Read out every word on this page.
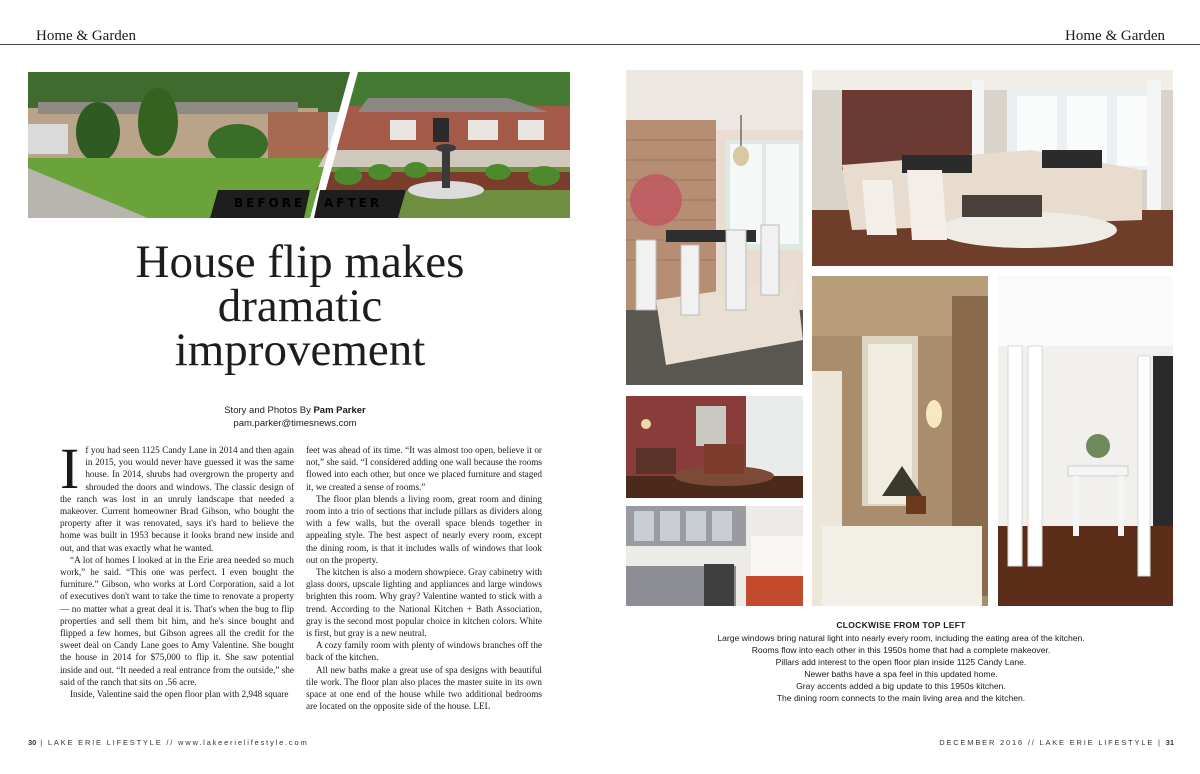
Home & Garden	Home & Garden
BEFORE AFTER
House flip makes dramatic improvement
Story and Photos By Pam Parker
pam.parker@timesnews.com
I f you had seen 1125 Candy Lane in 2014 and then again in 2015, you would never have guessed it was the same house. In 2014, shrubs had overgrown the property and shrouded the doors and windows. The classic design of the ranch was lost in an unruly landscape that needed a makeover. Current homeowner Brad Gibson, who bought the property after it was renovated, says it's hard to believe the home was built in 1953 because it looks brand new inside and out, and that was exactly what he wanted.

“A lot of homes I looked at in the Erie area needed so much work,” he said. “This one was perfect. I even bought the furniture.” Gibson, who works at Lord Corporation, said a lot of executives don't want to take the time to renovate a property — no matter what a great deal it is. That's when the bug to flip properties and sell them bit him, and he's since bought and flipped a few homes, but Gibson agrees all the credit for the sweet deal on Candy Lane goes to Amy Valentine. She bought the house in 2014 for $75,000 to flip it. She saw potential inside and out. “It needed a real entrance from the outside,” she said of the ranch that sits on .56 acre.

Inside, Valentine said the open floor plan with 2,948 square

feet was ahead of its time. “It was almost too open, believe it or not,” she said. “I considered adding one wall because the rooms flowed into each other, but once we placed furniture and staged it, we created a sense of rooms.”

The floor plan blends a living room, great room and dining room into a trio of sections that include pillars as dividers along with a few walls, but the overall space blends together in appealing style. The best aspect of nearly every room, except the dining room, is that it includes walls of windows that look out on the property.

The kitchen is also a modern showpiece. Gray cabinetry with glass doors, upscale lighting and appliances and large windows brighten this room. Why gray? Valentine wanted to stick with a trend. According to the National Kitchen + Bath Association, gray is the second most popular choice in kitchen colors. White is first, but gray is a new neutral.

A cozy family room with plenty of windows branches off the back of the kitchen.

All new baths make a great use of spa designs with beautiful tile work. The floor plan also places the master suite in its own space at one end of the house while two additional bedrooms are located on the opposite side of the house. LEL

CLOCKWISE FROM TOP LEFT
Large windows bring natural light into nearly every room, including the eating area of the kitchen.
Rooms flow into each other in this 1950s home that had a complete makeover.
Pillars add interest to the open floor plan inside 1125 Candy Lane.
Newer baths have a spa feel in this updated home.
Gray accents added a big update to this 1950s kitchen.
The dining room connects to the main living area and the kitchen.
30 | LAKE ERIE LIFESTYLE // www.lakeerielifestyle.com	DECEMBER 2016 // LAKE ERIE LIFESTYLE | 31
